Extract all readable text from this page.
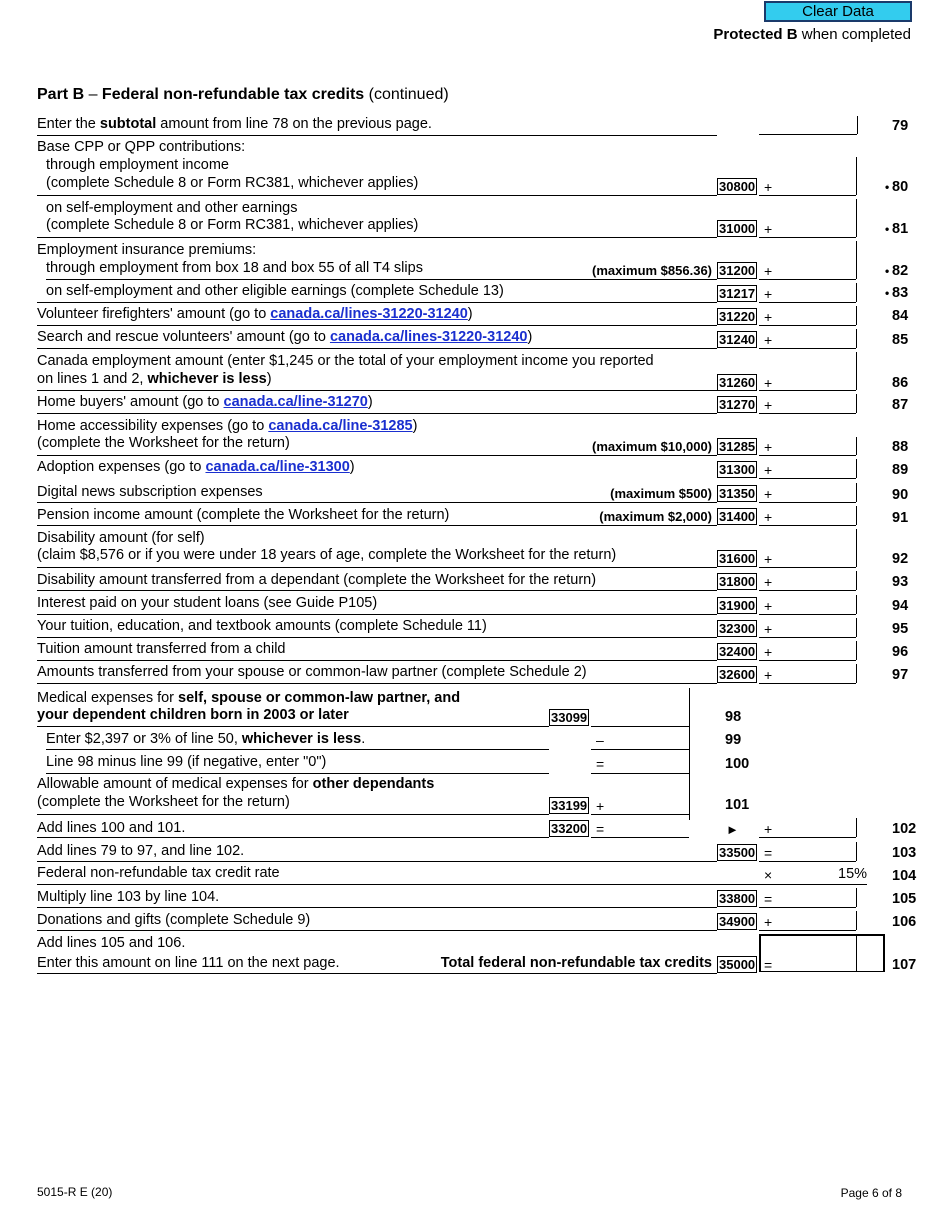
Clear Data
Protected B when completed
Part B – Federal non-refundable tax credits (continued)
Enter the subtotal amount from line 78 on the previous page.	79
Base CPP or QPP contributions:
through employment income
(complete Schedule 8 or Form RC381, whichever applies)	30800 +	• 80
on self-employment and other earnings
(complete Schedule 8 or Form RC381, whichever applies)	31000 +	• 81
Employment insurance premiums:
through employment from box 18 and box 55 of all T4 slips	(maximum $856.36) 31200 +	• 82
on self-employment and other eligible earnings (complete Schedule 13)	31217 +	• 83
Volunteer firefighters' amount (go to canada.ca/lines-31220-31240)	31220 +	84
Search and rescue volunteers' amount (go to canada.ca/lines-31220-31240)	31240 +	85
Canada employment amount (enter $1,245 or the total of your employment income you reported
on lines 1 and 2, whichever is less)	31260 +	86
Home buyers' amount (go to canada.ca/line-31270)	31270 +	87
Home accessibility expenses (go to canada.ca/line-31285)
(complete the Worksheet for the return)	(maximum $10,000) 31285 +	88
Adoption expenses (go to canada.ca/line-31300)	31300 +	89
Digital news subscription expenses	(maximum $500) 31350 +	90
Pension income amount (complete the Worksheet for the return)	(maximum $2,000) 31400 +	91
Disability amount (for self)
(claim $8,576 or if you were under 18 years of age, complete the Worksheet for the return)	31600 +	92
Disability amount transferred from a dependant (complete the Worksheet for the return)	31800 +	93
Interest paid on your student loans (see Guide P105)	31900 +	94
Your tuition, education, and textbook amounts (complete Schedule 11)	32300 +	95
Tuition amount transferred from a child	32400 +	96
Amounts transferred from your spouse or common-law partner (complete Schedule 2)	32600 +	97
Medical expenses for self, spouse or common-law partner, and
your dependent children born in 2003 or later	33099	98
Enter $2,397 or 3% of line 50, whichever is less.	–	99
Line 98 minus line 99 (if negative, enter "0")	=	100
Allowable amount of medical expenses for other dependants
(complete the Worksheet for the return)	33199 +	101
Add lines 100 and 101.	33200 =	► +	102
Add lines 79 to 97, and line 102.	33500 =	103
Federal non-refundable tax credit rate	×	15% 104
Multiply line 103 by line 104.	33800 =	105
Donations and gifts (complete Schedule 9)	34900 +	106
Add lines 105 and 106.
Enter this amount on line 111 on the next page.	Total federal non-refundable tax credits 35000 =	107
5015-R E (20)	Page 6 of 8
